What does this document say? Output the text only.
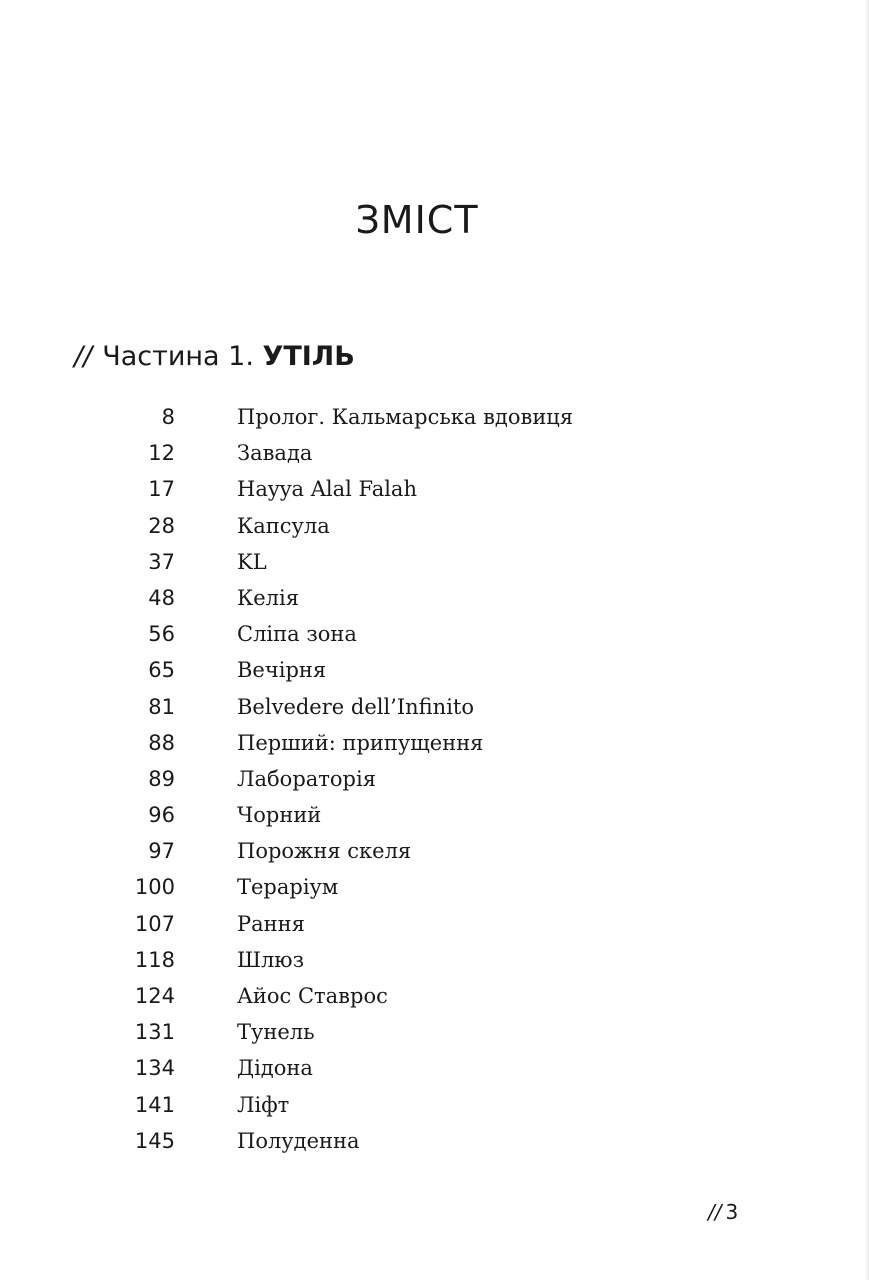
ЗМІСТ
// Частина 1. УТІЛЬ
8	Пролог. Кальмарська вдовиця
12	Завада
17	Hayya Alal Falah
28	Капсула
37	KL
48	Келія
56	Сліпа зона
65	Вечірня
81	Belvedere dell’Infinito
88	Перший: припущення
89	Лабораторія
96	Чорний
97	Порожня скеля
100	Тераріум
107	Рання
118	Шлюз
124	Айос Ставрос
131	Тунель
134	Дідона
141	Ліфт
145	Полуденна
// 3
